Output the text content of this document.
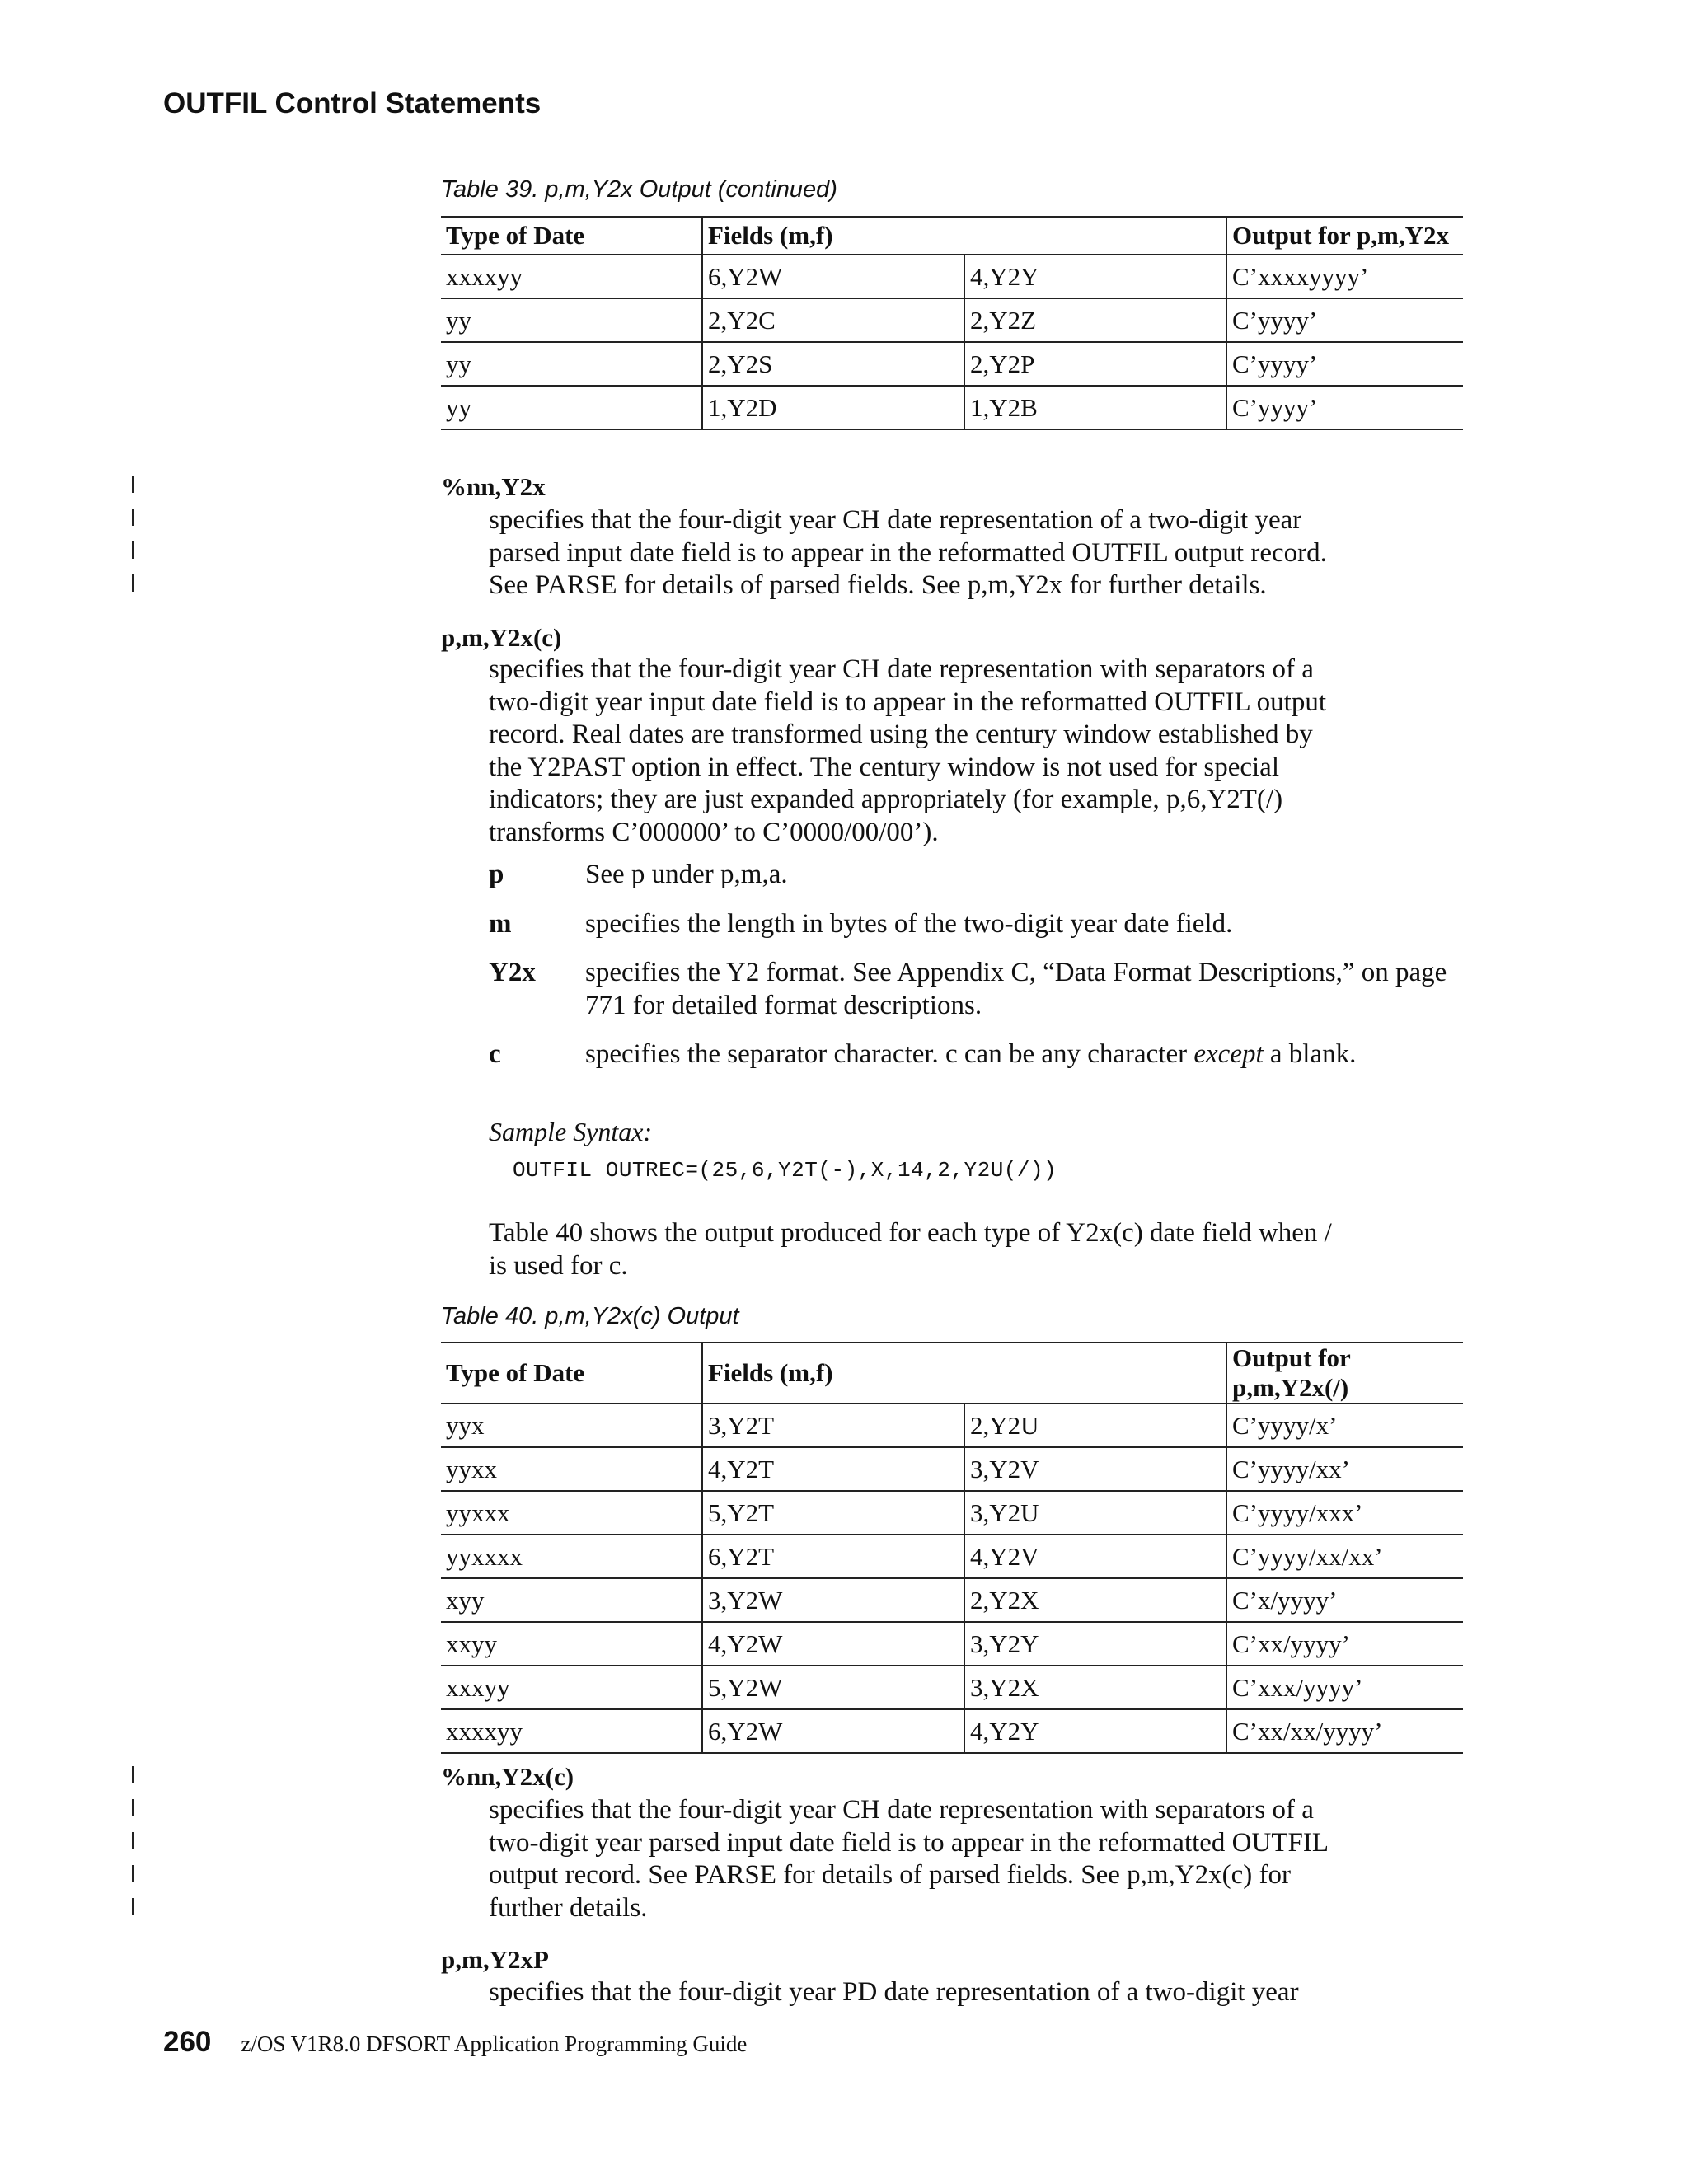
OUTFIL Control Statements
Table 39. p,m,Y2x Output (continued)
Type of Date	Fields (m,f)		Output for p,m,Y2x
xxxxyy	6,Y2W	4,Y2Y	C’xxxxyyyy’
yy	2,Y2C	2,Y2Z	C’yyyy’
yy	2,Y2S	2,Y2P	C’yyyy’
yy	1,Y2D	1,Y2B	C’yyyy’
%nn,Y2x

specifies that the four-digit year CH date representation of a two-digit year

parsed input date field is to appear in the reformatted OUTFIL output record.

See PARSE for details of parsed fields. See p,m,Y2x for further details.

p,m,Y2x(c)

specifies that the four-digit year CH date representation with separators of a

two-digit year input date field is to appear in the reformatted OUTFIL output

record. Real dates are transformed using the century window established by

the Y2PAST option in effect. The century window is not used for special

indicators; they are just expanded appropriately (for example, p,6,Y2T(/)

transforms C’000000’ to C’0000/00/00’).

p	See p under p,m,a.
m	specifies the length in bytes of the two-digit year date field.
Y2x	specifies the Y2 format. See Appendix C, “Data Format Descriptions,” on page 771 for detailed format descriptions.
c	specifies the separator character. c can be any character except a blank.
Sample Syntax:
OUTFIL OUTREC=(25,6,Y2T(-),X,14,2,Y2U(/))

Table 40 shows the output produced for each type of Y2x(c) date field when /

is used for c.

Table 40. p,m,Y2x(c) Output
Type of Date	Fields (m,f)		Output for p,m,Y2x(/)
yyx	3,Y2T	2,Y2U	C’yyyy/x’
yyxx	4,Y2T	3,Y2V	C’yyyy/xx’
yyxxx	5,Y2T	3,Y2U	C’yyyy/xxx’
yyxxxx	6,Y2T	4,Y2V	C’yyyy/xx/xx’
xyy	3,Y2W	2,Y2X	C’x/yyyy’
xxyy	4,Y2W	3,Y2Y	C’xx/yyyy’
xxxyy	5,Y2W	3,Y2X	C’xxx/yyyy’
xxxxyy	6,Y2W	4,Y2Y	C’xx/xx/yyyy’
%nn,Y2x(c)

specifies that the four-digit year CH date representation with separators of a

two-digit year parsed input date field is to appear in the reformatted OUTFIL

output record. See PARSE for details of parsed fields. See p,m,Y2x(c) for

further details.

p,m,Y2xP

specifies that the four-digit year PD date representation of a two-digit year

260 z/OS V1R8.0 DFSORT Application Programming Guide
